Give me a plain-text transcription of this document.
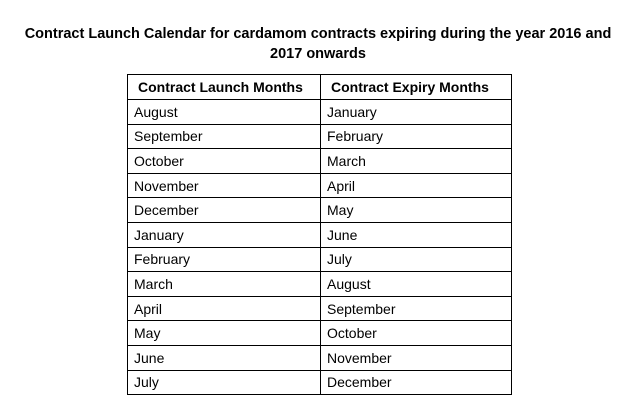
Contract Launch Calendar for cardamom contracts expiring during the year 2016 and
2017 onwards
Contract Launch Months	Contract Expiry Months
August	January
September	February
October	March
November	April
December	May
January	June
February	July
March	August
April	September
May	October
June	November
July	December
